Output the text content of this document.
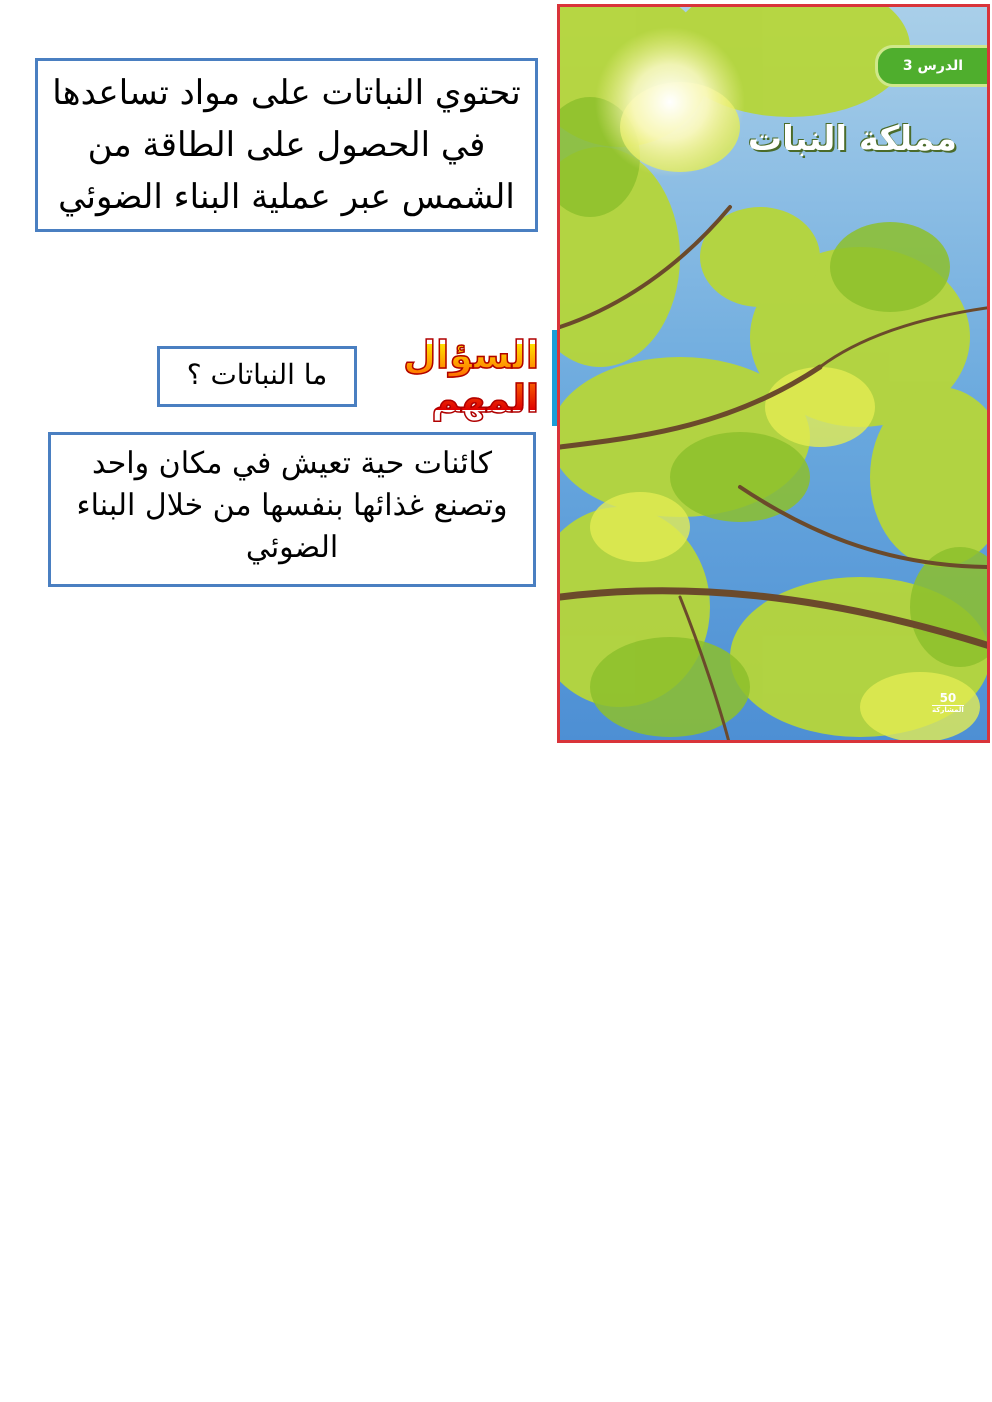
تحتوي النباتات على مواد تساعدها في الحصول على الطاقة من الشمس عبر عملية البناء الضوئي
السؤال المهم
ما النباتات ؟
كائنات حية تعيش في مكان واحد وتصنع غذائها بنفسها من خلال البناء الضوئي
الدرس 3
مملكة النبات
50
المشاركة
